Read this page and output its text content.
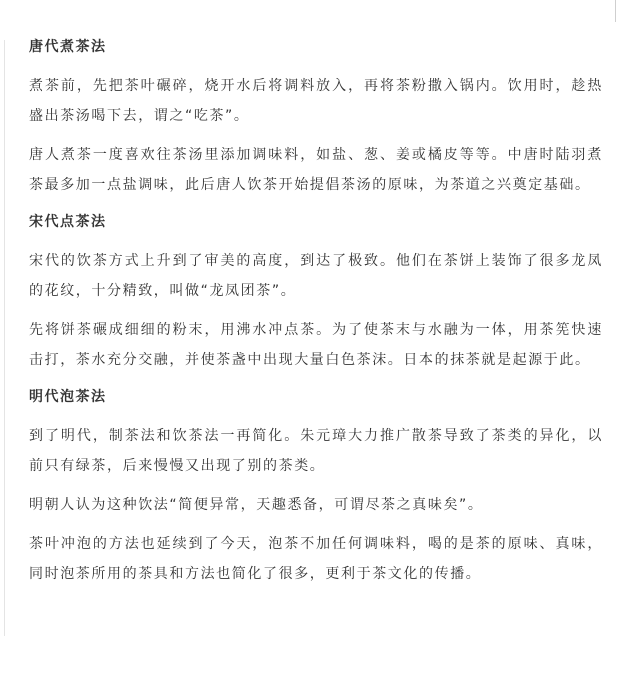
唐代煮茶法

煮茶前，先把茶叶碾碎，烧开水后将调料放入，再将茶粉撒入锅内。饮用时，趁热盛出茶汤喝下去，谓之“吃茶”。

唐人煮茶一度喜欢往茶汤里添加调味料，如盐、葱、姜或橘皮等等。中唐时陆羽煮茶最多加一点盐调味，此后唐人饮茶开始提倡茶汤的原味，为茶道之兴奠定基础。

宋代点茶法

宋代的饮茶方式上升到了审美的高度，到达了极致。他们在茶饼上装饰了很多龙凤的花纹，十分精致，叫做“龙凤团茶”。

先将饼茶碾成细细的粉末，用沸水冲点茶。为了使茶末与水融为一体，用茶筅快速击打，茶水充分交融，并使茶盏中出现大量白色茶沫。日本的抹茶就是起源于此。

明代泡茶法

到了明代，制茶法和饮茶法一再简化。朱元璋大力推广散茶导致了茶类的异化，以前只有绿茶，后来慢慢又出现了别的茶类。

明朝人认为这种饮法“简便异常，天趣悉备，可谓尽茶之真味矣”。

茶叶冲泡的方法也延续到了今天，泡茶不加任何调味料，喝的是茶的原味、真味，同时泡茶所用的茶具和方法也简化了很多，更利于茶文化的传播。
